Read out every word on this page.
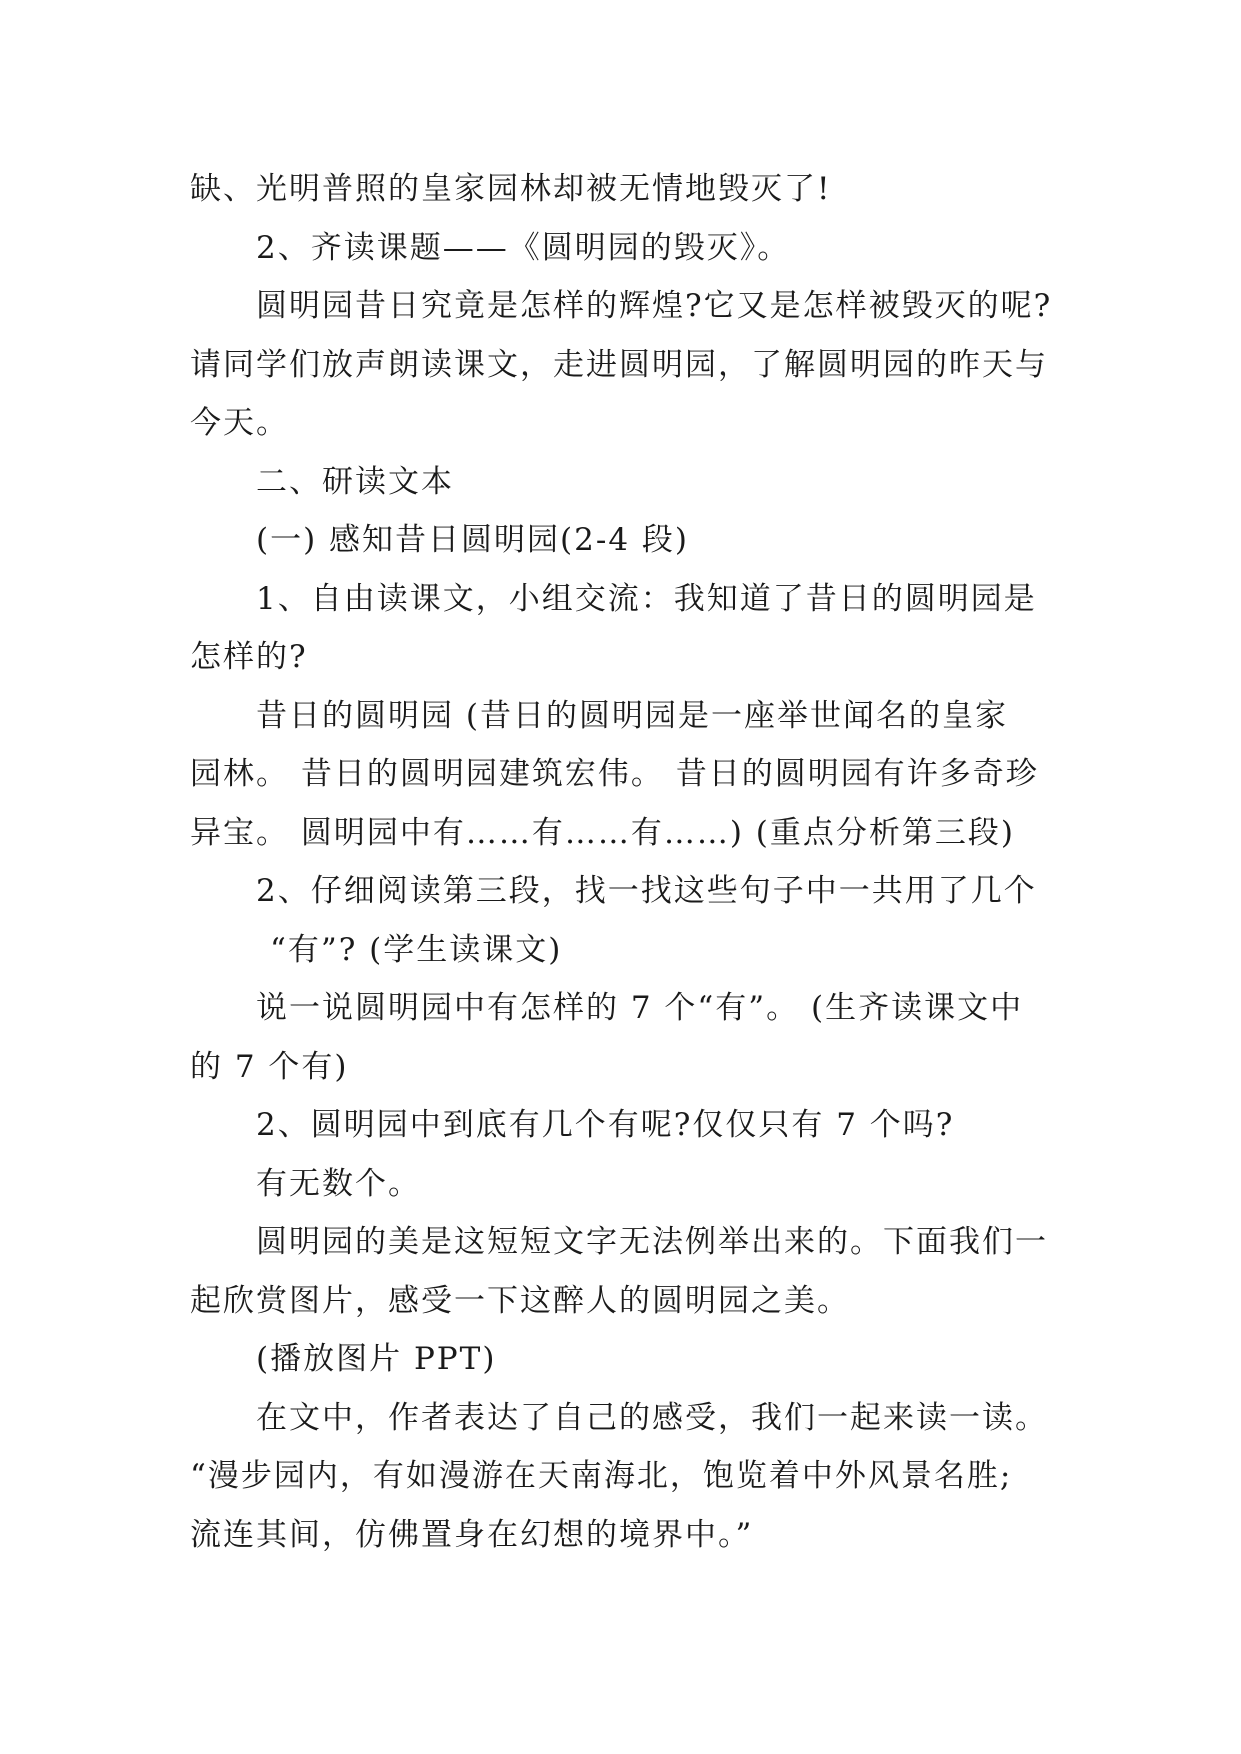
缺、光明普照的皇家园林却被无情地毁灭了!
2、齐读课题——《圆明园的毁灭》。
圆明园昔日究竟是怎样的辉煌?它又是怎样被毁灭的呢?
请同学们放声朗读课文，走进圆明园，了解圆明园的昨天与
今天。
二、研读文本
(一) 感知昔日圆明园(2-4 段)
1、自由读课文，小组交流：我知道了昔日的圆明园是
怎样的?
昔日的圆明园 (昔日的圆明园是一座举世闻名的皇家
园林。 昔日的圆明园建筑宏伟。 昔日的圆明园有许多奇珍
异宝。 圆明园中有……有……有……) (重点分析第三段)
2、仔细阅读第三段，找一找这些句子中一共用了几个
“有”? (学生读课文)
说一说圆明园中有怎样的 7 个“有”。 (生齐读课文中
的 7 个有)
2、圆明园中到底有几个有呢?仅仅只有 7 个吗?
有无数个。
圆明园的美是这短短文字无法例举出来的。下面我们一
起欣赏图片，感受一下这醉人的圆明园之美。
(播放图片 PPT)
在文中，作者表达了自己的感受，我们一起来读一读。
“漫步园内，有如漫游在天南海北，饱览着中外风景名胜;
流连其间，仿佛置身在幻想的境界中。”
